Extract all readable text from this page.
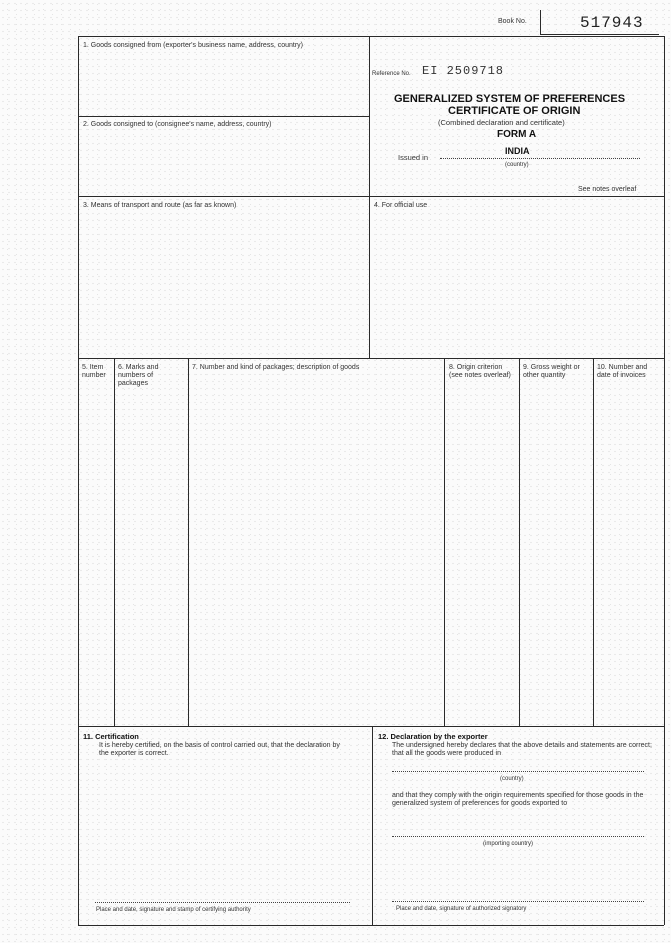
Book No.	517943
1. Goods consigned from (exporter's business name, address, country)
2. Goods consigned to (consignee's name, address, country)
Reference No. EI 2509718
GENERALIZED SYSTEM OF PREFERENCES
CERTIFICATE OF ORIGIN
(Combined declaration and certificate)
FORM A
Issued in
INDIA
(country)
See notes overleaf
3. Means of transport and route (as far as known)	4. For official use
5. Item number
6. Marks and numbers of packages
7. Number and kind of packages; description of goods	8. Origin criterion (see notes overleaf)
9. Gross weight or other quantity
10. Number and date of invoices
11. Certification
It is hereby certified, on the basis of control carried out, that the declaration by the exporter is correct.
Place and date, signature and stamp of certifying authority
12. Declaration by the exporter
The undersigned hereby declares that the above details and statements are correct; that all the goods were produced in
(country)
and that they comply with the origin requirements specified for those goods in the generalized system of preferences for goods exported to
(importing country)
Place and date, signature of authorized signatory
